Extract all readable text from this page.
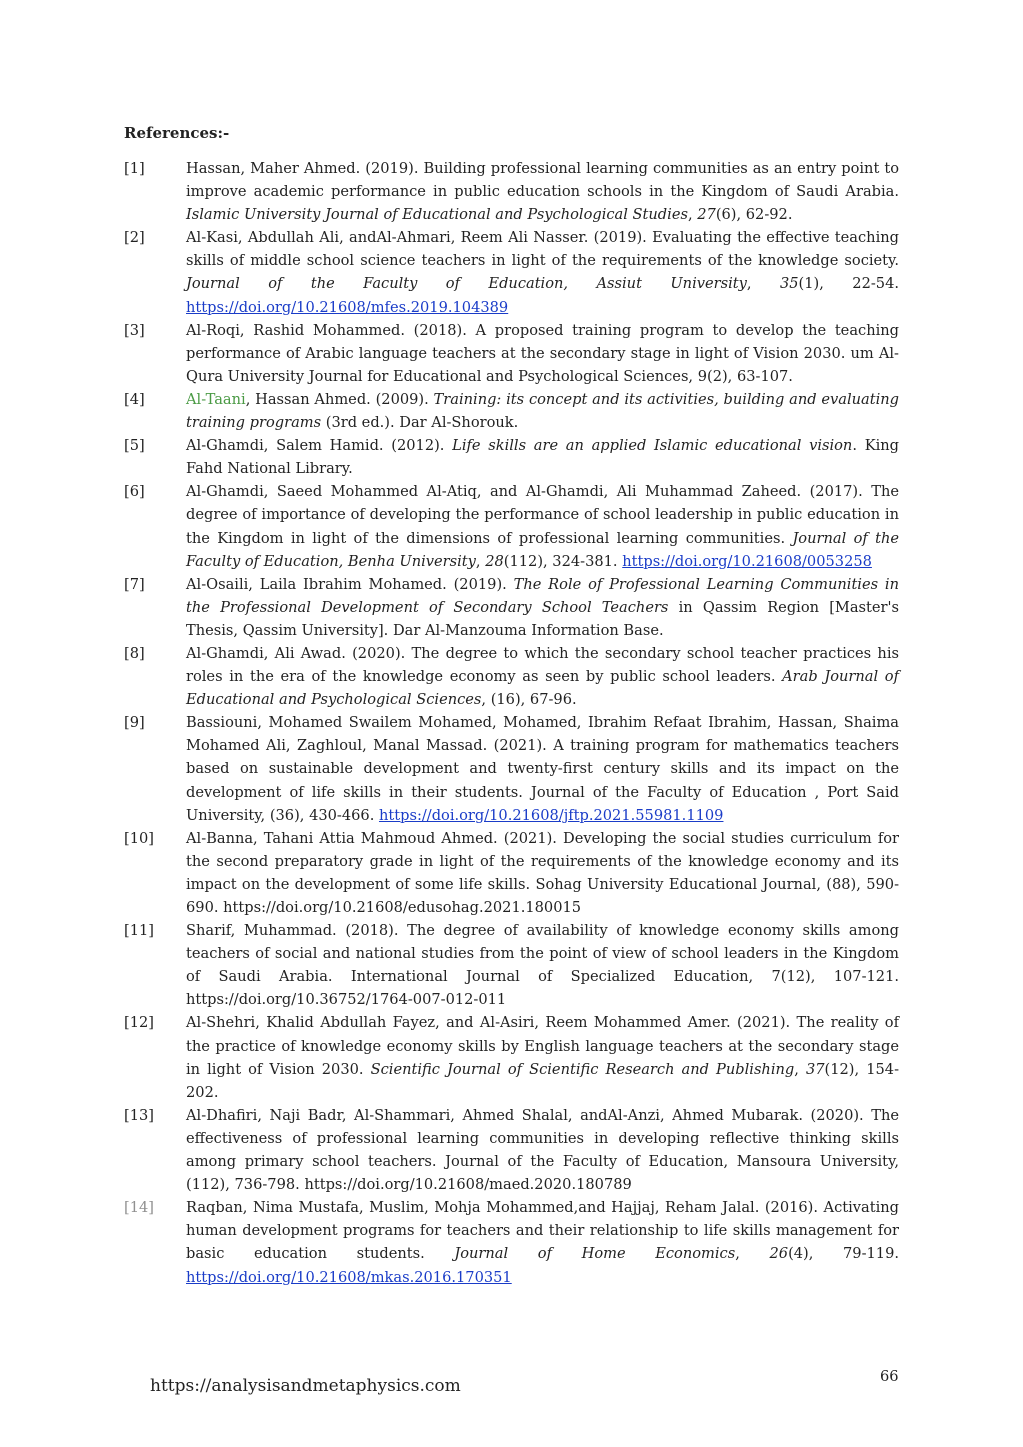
References:-
[1]	Hassan, Maher Ahmed. (2019). Building professional learning communities as an entry point to improve academic performance in public education schools in the Kingdom of Saudi Arabia. Islamic University Journal of Educational and Psychological Studies, 27(6), 62-92.
[2]	Al-Kasi, Abdullah Ali, andAl-Ahmari, Reem Ali Nasser. (2019). Evaluating the effective teaching skills of middle school science teachers in light of the requirements of the knowledge society. Journal of the Faculty of Education, Assiut University, 35(1), 22-54. https://doi.org/10.21608/mfes.2019.104389
[3]	Al-Roqi, Rashid Mohammed. (2018). A proposed training program to develop the teaching performance of Arabic language teachers at the secondary stage in light of Vision 2030. um Al-Qura University Journal for Educational and Psychological Sciences, 9(2), 63-107.
[4]	Al-Taani, Hassan Ahmed. (2009). Training: its concept and its activities, building and evaluating training programs (3rd ed.). Dar Al-Shorouk.
[5]	Al-Ghamdi, Salem Hamid. (2012). Life skills are an applied Islamic educational vision. King Fahd National Library.
[6]	Al-Ghamdi, Saeed Mohammed Al-Atiq, and Al-Ghamdi, Ali Muhammad Zaheed. (2017). The degree of importance of developing the performance of school leadership in public education in the Kingdom in light of the dimensions of professional learning communities. Journal of the Faculty of Education, Benha University, 28(112), 324-381. https://doi.org/10.21608/0053258
[7]	Al-Osaili, Laila Ibrahim Mohamed. (2019). The Role of Professional Learning Communities in the Professional Development of Secondary School Teachers in Qassim Region [Master's Thesis, Qassim University]. Dar Al-Manzouma Information Base.
[8]	Al-Ghamdi, Ali Awad. (2020). The degree to which the secondary school teacher practices his roles in the era of the knowledge economy as seen by public school leaders. Arab Journal of Educational and Psychological Sciences, (16), 67-96.
[9]	Bassiouni, Mohamed Swailem Mohamed, Mohamed, Ibrahim Refaat Ibrahim, Hassan, Shaima Mohamed Ali, Zaghloul, Manal Massad. (2021). A training program for mathematics teachers based on sustainable development and twenty-first century skills and its impact on the development of life skills in their students. Journal of the Faculty of Education , Port Said University, (36), 430-466. https://doi.org/10.21608/jftp.2021.55981.1109
[10]	Al-Banna, Tahani Attia Mahmoud Ahmed. (2021). Developing the social studies curriculum for the second preparatory grade in light of the requirements of the knowledge economy and its impact on the development of some life skills. Sohag University Educational Journal, (88), 590-690. https://doi.org/10.21608/edusohag.2021.180015
[11]	Sharif, Muhammad. (2018). The degree of availability of knowledge economy skills among teachers of social and national studies from the point of view of school leaders in the Kingdom of Saudi Arabia. International Journal of Specialized Education, 7(12), 107-121. https://doi.org/10.36752/1764-007-012-011
[12]	Al-Shehri, Khalid Abdullah Fayez, and Al-Asiri, Reem Mohammed Amer. (2021). The reality of the practice of knowledge economy skills by English language teachers at the secondary stage in light of Vision 2030. Scientific Journal of Scientific Research and Publishing, 37(12), 154-202.
[13]	Al-Dhafiri, Naji Badr, Al-Shammari, Ahmed Shalal, andAl-Anzi, Ahmed Mubarak. (2020). The effectiveness of professional learning communities in developing reflective thinking skills among primary school teachers. Journal of the Faculty of Education, Mansoura University, (112), 736-798. https://doi.org/10.21608/maed.2020.180789
[14]	Raqban, Nima Mustafa, Muslim, Mohja Mohammed,and Hajjaj, Reham Jalal. (2016). Activating human development programs for teachers and their relationship to life skills management for basic education students. Journal of Home Economics, 26(4), 79-119. https://doi.org/10.21608/mkas.2016.170351
https://analysisandmetaphysics.com	66
